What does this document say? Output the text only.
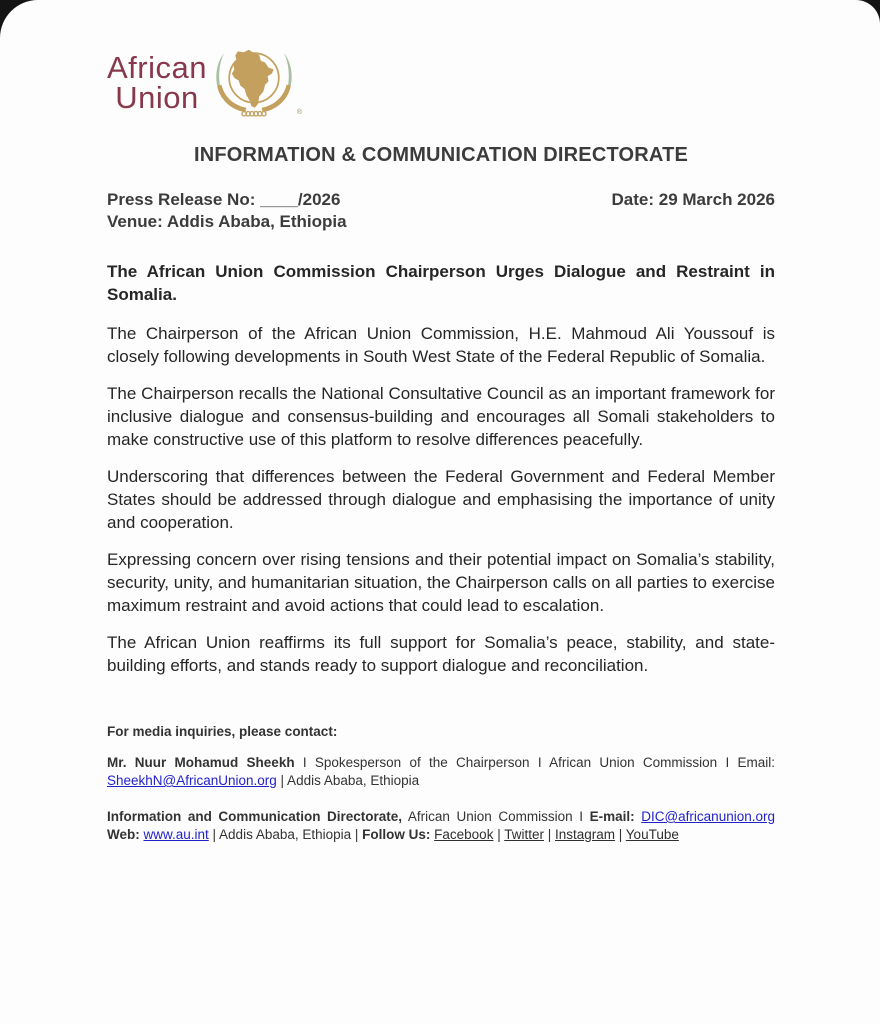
African
Union	®
INFORMATION & COMMUNICATION DIRECTORATE
Press Release No: ____/2026	Date: 29 March 2026
Venue: Addis Ababa, Ethiopia
The African Union Commission Chairperson Urges Dialogue and Restraint in Somalia.

The Chairperson of the African Union Commission, H.E. Mahmoud Ali Youssouf is closely following developments in South West State of the Federal Republic of Somalia.

The Chairperson recalls the National Consultative Council as an important framework for inclusive dialogue and consensus-building and encourages all Somali stakeholders to make constructive use of this platform to resolve differences peacefully.

Underscoring that differences between the Federal Government and Federal Member States should be addressed through dialogue and emphasising the importance of unity and cooperation.

Expressing concern over rising tensions and their potential impact on Somalia’s stability, security, unity, and humanitarian situation, the Chairperson calls on all parties to exercise maximum restraint and avoid actions that could lead to escalation.

The African Union reaffirms its full support for Somalia’s peace, stability, and state-building efforts, and stands ready to support dialogue and reconciliation.

For media inquiries, please contact:
Mr. Nuur Mohamud Sheekh I Spokesperson of the Chairperson I African Union Commission I Email:
SheekhN@AfricanUnion.org | Addis Ababa, Ethiopia
Information and Communication Directorate, African Union Commission I E-mail: DIC@africanunion.org
Web: www.au.int | Addis Ababa, Ethiopia | Follow Us: Facebook | Twitter | Instagram | YouTube
